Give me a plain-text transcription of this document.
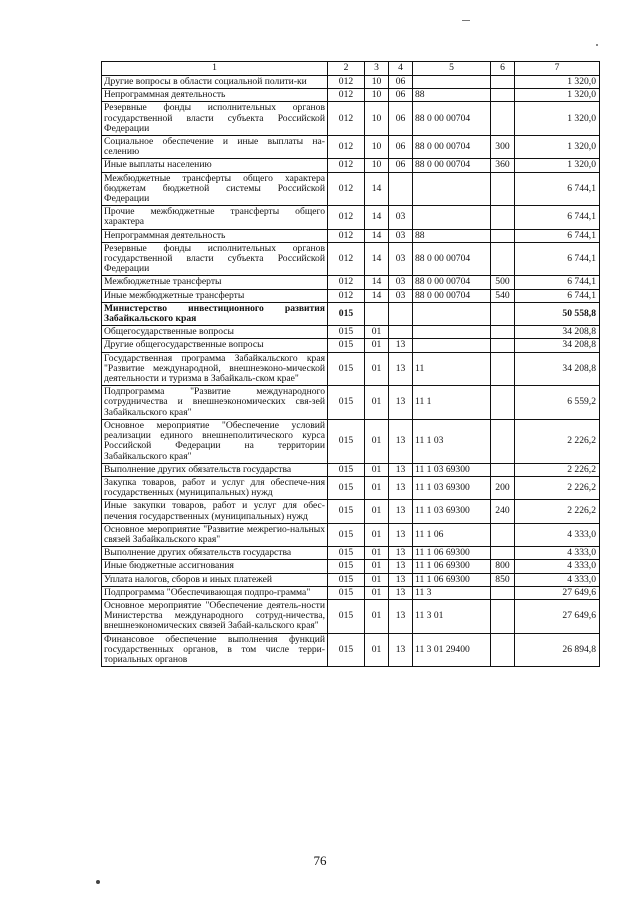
1	2	3	4	5	6	7
Другие вопросы в области социальной полити-ки	012	10	06			1 320,0
Непрограммная деятельность	012	10	06	88		1 320,0
Резервные фонды исполнительных органов государственной власти субъекта Российской Федерации	012	10	06	88 0 00 00704		1 320,0
Социальное обеспечение и иные выплаты на-селению	012	10	06	88 0 00 00704	300	1 320,0
Иные выплаты населению	012	10	06	88 0 00 00704	360	1 320,0
Межбюджетные трансферты общего характера бюджетам бюджетной системы Российской Федерации	012	14				6 744,1
Прочие межбюджетные трансферты общего характера	012	14	03			6 744,1
Непрограммная деятельность	012	14	03	88		6 744,1
Резервные фонды исполнительных органов государственной власти субъекта Российской Федерации	012	14	03	88 0 00 00704		6 744,1
Межбюджетные трансферты	012	14	03	88 0 00 00704	500	6 744,1
Иные межбюджетные трансферты	012	14	03	88 0 00 00704	540	6 744,1
Министерство инвестиционного развития Забайкальского края	015					50 558,8
Общегосударственные вопросы	015	01				34 208,8
Другие общегосударственные вопросы	015	01	13			34 208,8
Государственная программа Забайкальского края "Развитие международной, внешнеэконо-мической деятельности и туризма в Забайкаль-ском крае"	015	01	13	11		34 208,8
Подпрограмма "Развитие международного сотрудничества и внешнеэкономических свя-зей Забайкальского края"	015	01	13	11 1		6 559,2
Основное мероприятие "Обеспечение условий реализации единого внешнеполитического курса Российской Федерации на территории Забайкальского края"	015	01	13	11 1 03		2 226,2
Выполнение других обязательств государства	015	01	13	11 1 03 69300		2 226,2
Закупка товаров, работ и услуг для обеспече-ния государственных (муниципальных) нужд	015	01	13	11 1 03 69300	200	2 226,2
Иные закупки товаров, работ и услуг для обес-печения государственных (муниципальных) нужд	015	01	13	11 1 03 69300	240	2 226,2
Основное мероприятие "Развитие межрегио-нальных связей Забайкальского края"	015	01	13	11 1 06		4 333,0
Выполнение других обязательств государства	015	01	13	11 1 06 69300		4 333,0
Иные бюджетные ассигнования	015	01	13	11 1 06 69300	800	4 333,0
Уплата налогов, сборов и иных платежей	015	01	13	11 1 06 69300	850	4 333,0
Подпрограмма "Обеспечивающая подпро-грамма"	015	01	13	11 3		27 649,6
Основное мероприятие "Обеспечение деятель-ности Министерства международного сотруд-ничества, внешнеэкономических связей Забай-кальского края"	015	01	13	11 3 01		27 649,6
Финансовое обеспечение выполнения функций государственных органов, в том числе терри-ториальных органов	015	01	13	11 3 01 29400		26 894,8
76
